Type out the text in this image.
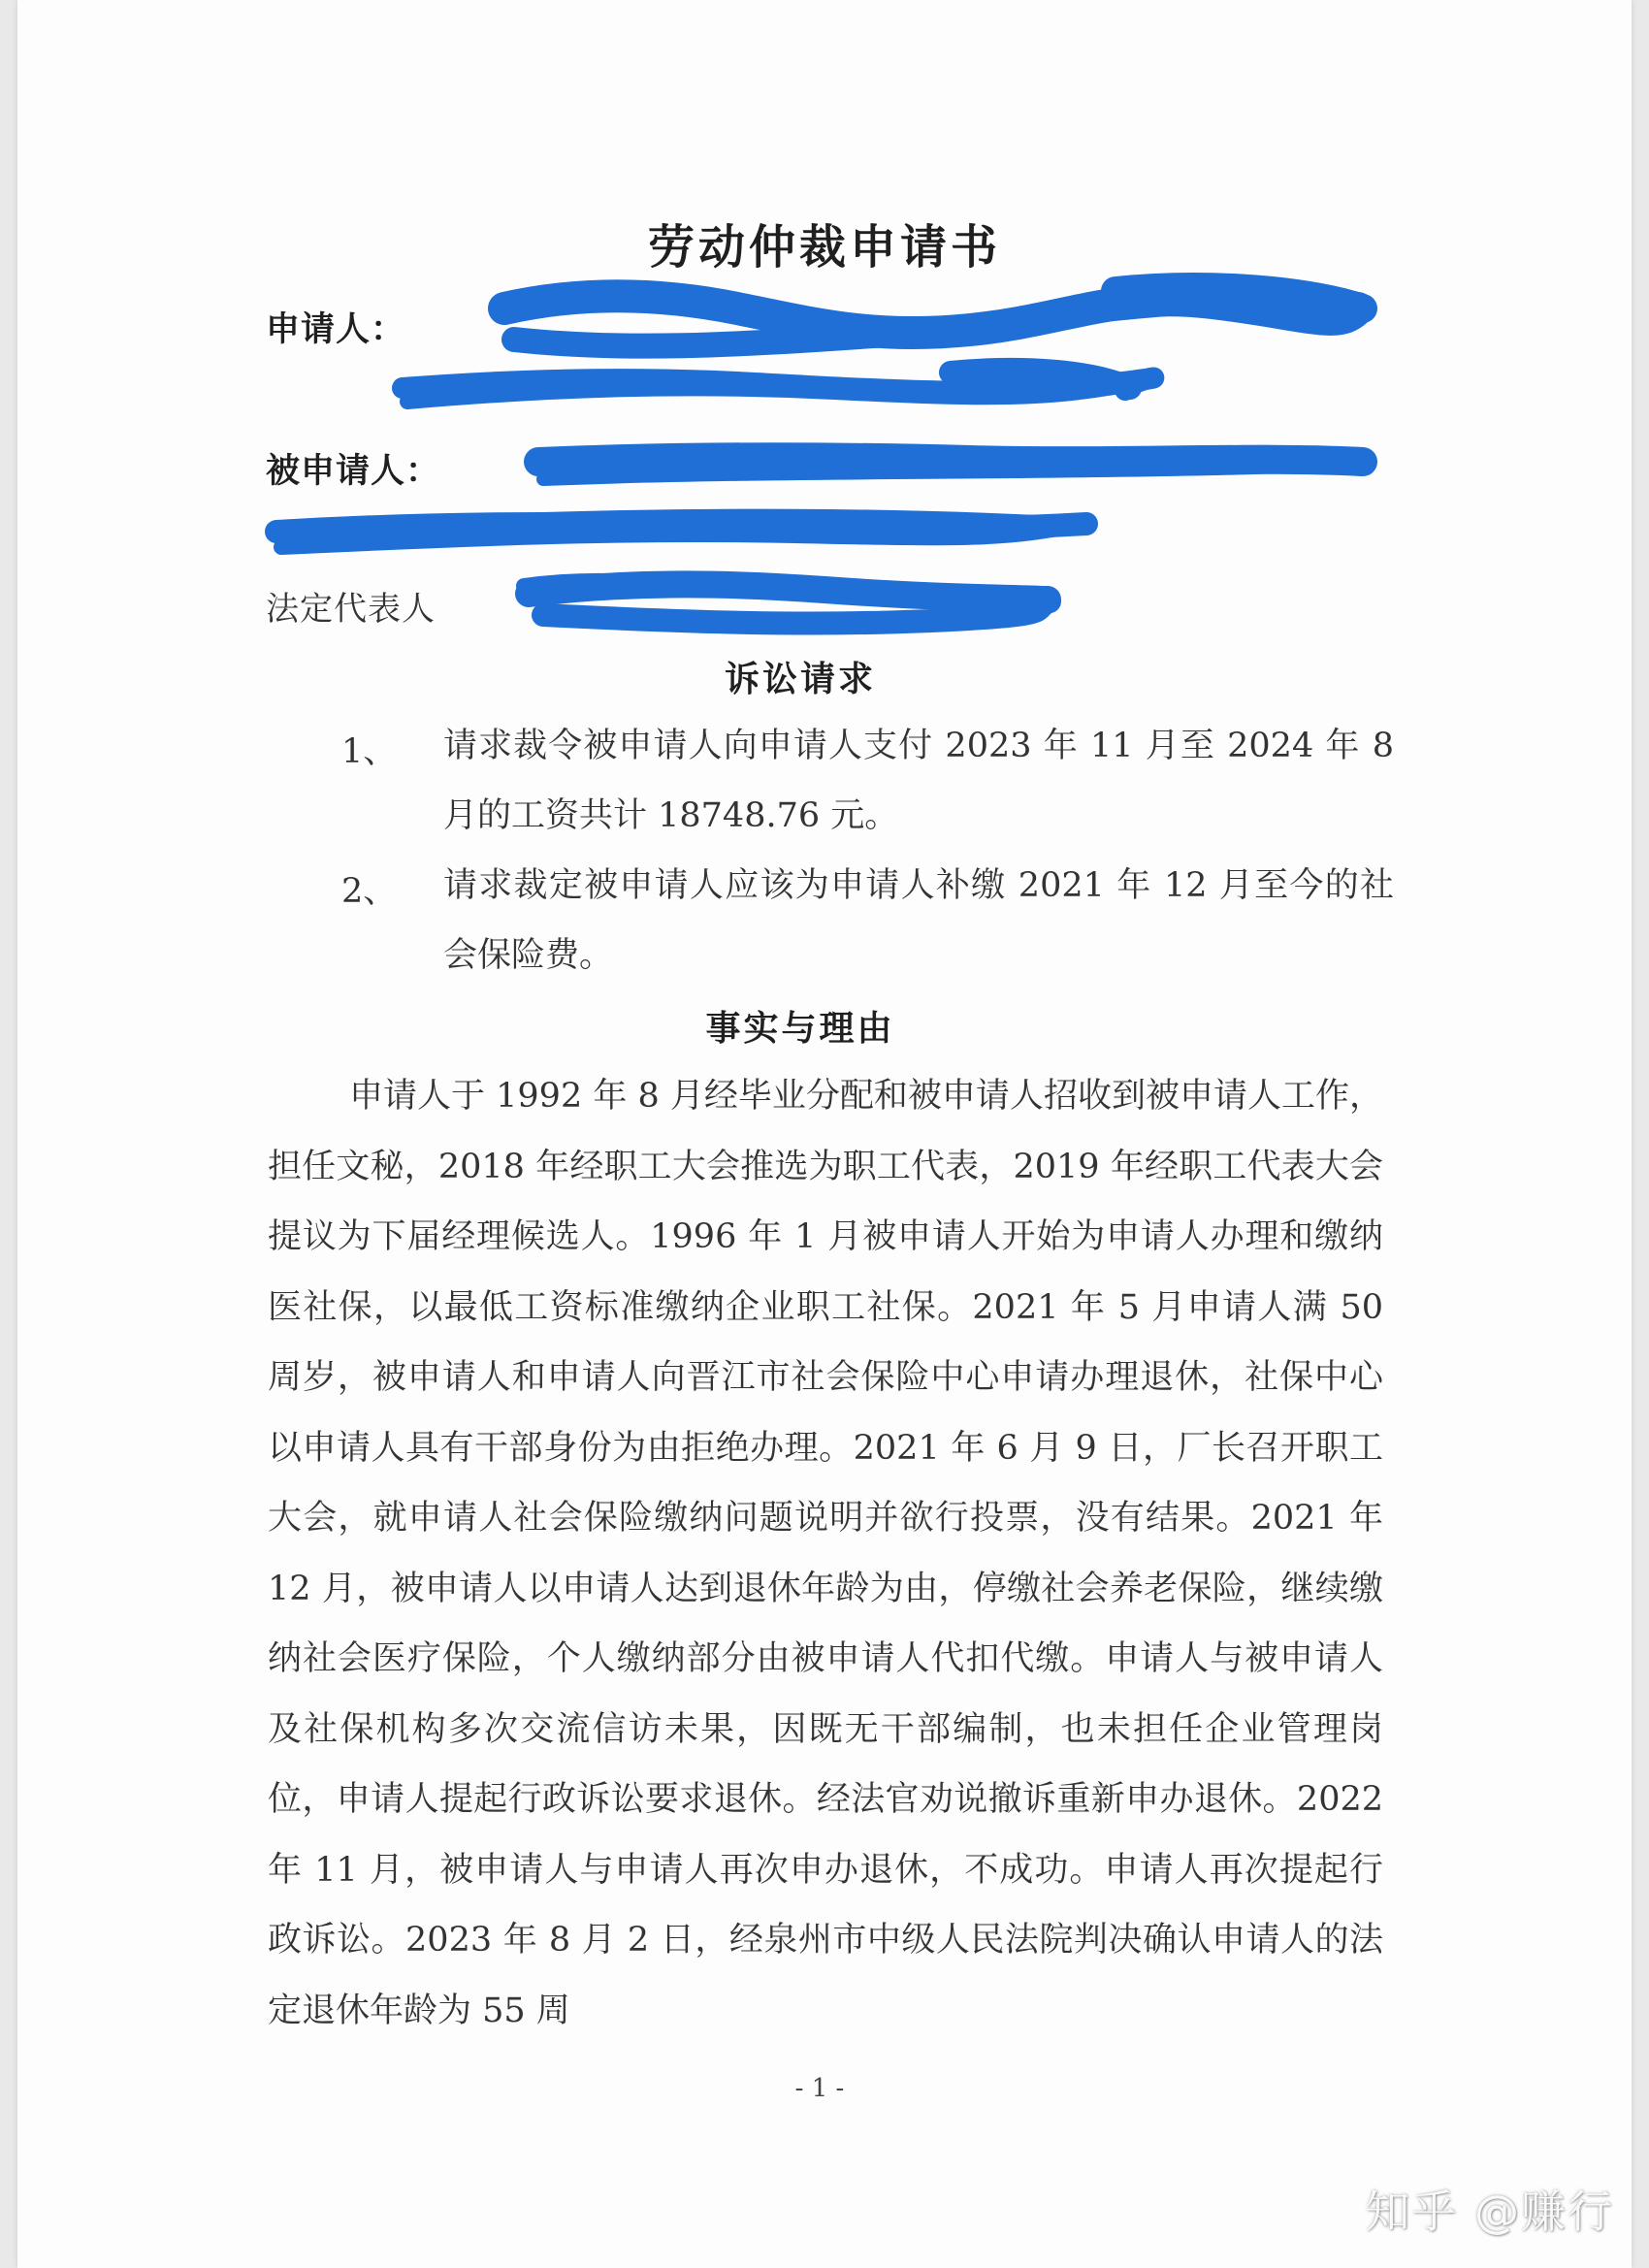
劳动仲裁申请书
申请人：
被申请人：
法定代表人
诉讼请求
1、 请求裁令被申请人向申请人支付 2023 年 11 月至 2024 年 8 月的工资共计 18748.76 元。
2、 请求裁定被申请人应该为申请人补缴 2021 年 12 月至今的社会保险费。
事实与理由
申请人于 1992 年 8 月经毕业分配和被申请人招收到被申请人工作，担任文秘，2018 年经职工大会推选为职工代表，2019 年经职工代表大会提议为下届经理候选人。1996 年 1 月被申请人开始为申请人办理和缴纳医社保，以最低工资标准缴纳企业职工社保。2021 年 5 月申请人满 50 周岁，被申请人和申请人向晋江市社会保险中心申请办理退休，社保中心以申请人具有干部身份为由拒绝办理。2021 年 6 月 9 日，厂长召开职工大会，就申请人社会保险缴纳问题说明并欲行投票，没有结果。2021 年 12 月，被申请人以申请人达到退休年龄为由，停缴社会养老保险，继续缴纳社会医疗保险，个人缴纳部分由被申请人代扣代缴。申请人与被申请人及社保机构多次交流信访未果，因既无干部编制，也未担任企业管理岗位，申请人提起行政诉讼要求退休。经法官劝说撤诉重新申办退休。2022 年 11 月，被申请人与申请人再次申办退休，不成功。申请人再次提起行政诉讼。2023 年 8 月 2 日，经泉州市中级人民法院判决确认申请人的法定退休年龄为 55 周
- 1 -
知乎 @赚行
